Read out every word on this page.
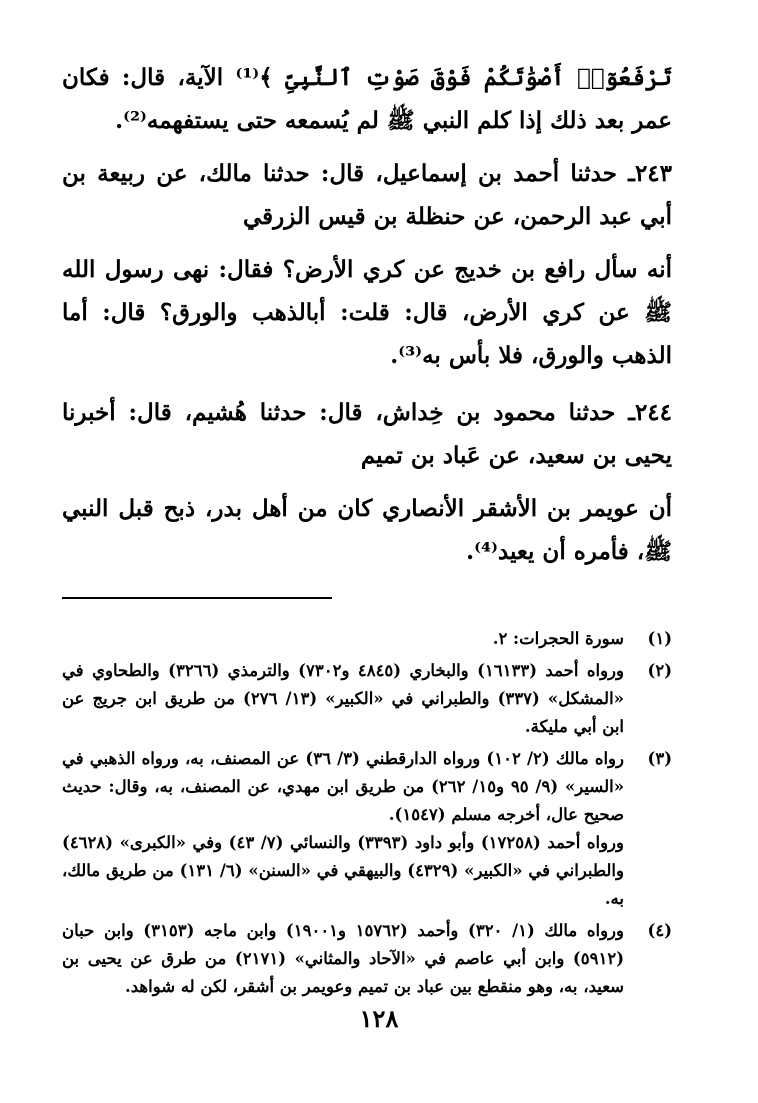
تَرْفَعُوٓا۟ أَصْوَٰتَكُمْ فَوْقَ صَوْتِ ٱلنَّبِىِّ ﴾⁽¹⁾ الآية، قال: فكان عمر بعد ذلك إذا كلم النبي ﷺ لم يُسمعه حتى يستفهمه⁽²⁾.

٢٤٣ـ حدثنا أحمد بن إسماعيل، قال: حدثنا مالك، عن ربيعة بن أبي عبد الرحمن، عن حنظلة بن قيس الزرقي

أنه سأل رافع بن خديج عن كري الأرض؟ فقال: نهى رسول الله ﷺ عن كري الأرض، قال: قلت: أبالذهب والورق؟ قال: أما الذهب والورق، فلا بأس به⁽³⁾.

٢٤٤ـ حدثنا محمود بن خِداش، قال: حدثنا هُشيم، قال: أخبرنا يحيى بن سعيد، عن عَباد بن تميم

أن عويمر بن الأشقر الأنصاري كان من أهل بدر، ذبح قبل النبي ﷺ، فأمره أن يعيد⁽⁴⁾.

(١)
سورة الحجرات: ٢.
(٢)
ورواه أحمد (١٦١٣٣) والبخاري (٤٨٤٥ و٧٣٠٢) والترمذي (٣٢٦٦) والطحاوي في «المشكل» (٣٣٧) والطبراني في «الكبير» (١٣/ ٢٧٦) من طريق ابن جريج عن ابن أبي مليكة.
(٣)
رواه مالك (٢/ ١٠٢) ورواه الدارقطني (٣/ ٣٦) عن المصنف، به، ورواه الذهبي في «السير» (٩/ ٩٥ و١٥/ ٢٦٢) من طريق ابن مهدي، عن المصنف، به، وقال: حديث صحيح عال، أخرجه مسلم (١٥٤٧).
ورواه أحمد (١٧٢٥٨) وأبو داود (٣٣٩٣) والنسائي (٧/ ٤٣) وفي «الكبرى» (٤٦٢٨) والطبراني في «الكبير» (٤٣٢٩) والبيهقي في «السنن» (٦/ ١٣١) من طريق مالك، به.
(٤)
ورواه مالك (١/ ٣٢٠) وأحمد (١٥٧٦٢ و١٩٠٠١) وابن ماجه (٣١٥٣) وابن حبان (٥٩١٢) وابن أبي عاصم في «الآحاد والمثاني» (٢١٧١) من طرق عن يحيى بن سعيد، به، وهو منقطع بين عباد بن تميم وعويمر بن أشقر، لكن له شواهد.
١٢٨
